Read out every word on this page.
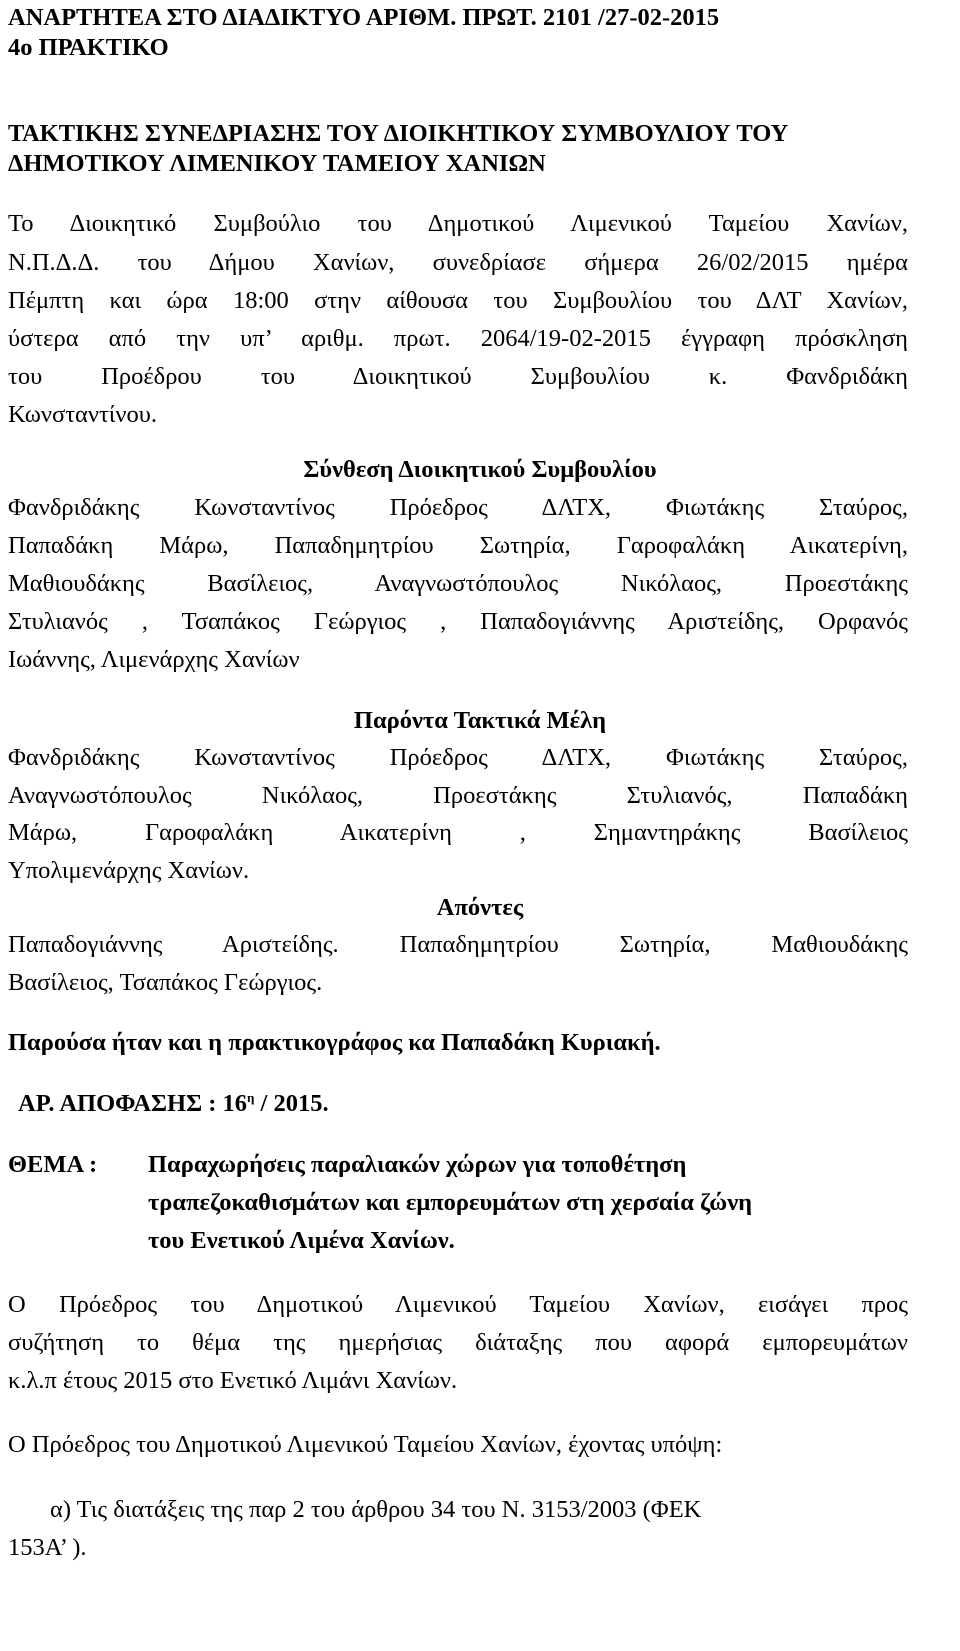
ΑΝΑΡΤΗΤΕΑ ΣΤΟ ΔΙΑΔΙΚΤΥΟ ΑΡΙΘΜ. ΠΡΩΤ. 2101 /27-02-2015
4ο ΠΡΑΚΤΙΚΟ
ΤΑΚΤΙΚΗΣ ΣΥΝΕΔΡΙΑΣΗΣ ΤΟΥ ΔΙΟΙΚΗΤΙΚΟΥ ΣΥΜΒΟΥΛΙΟΥ ΤΟΥ
ΔΗΜΟΤΙΚΟΥ ΛΙΜΕΝΙΚΟΥ ΤΑΜΕΙΟΥ ΧΑΝΙΩΝ
Το Διοικητικό Συμβούλιο του Δημοτικού Λιμενικού Ταμείου Χανίων,
Ν.Π.Δ.Δ. του Δήμου Χανίων, συνεδρίασε σήμερα 26/02/2015 ημέρα
Πέμπτη και ώρα 18:00 στην αίθουσα του Συμβουλίου του ΔΛΤ Χανίων,
ύστερα από την υπ’ αριθμ. πρωτ. 2064/19-02-2015 έγγραφη πρόσκληση
του Προέδρου του Διοικητικού Συμβουλίου κ. Φανδριδάκη
Κωνσταντίνου.
Σύνθεση Διοικητικού Συμβουλίου
Φανδριδάκης Κωνσταντίνος Πρόεδρος ΔΛΤΧ, Φιωτάκης Σταύρος,
Παπαδάκη Μάρω, Παπαδημητρίου Σωτηρία, Γαροφαλάκη Αικατερίνη,
Μαθιουδάκης Βασίλειος, Αναγνωστόπουλος Νικόλαος, Προεστάκης
Στυλιανός , Τσαπάκος Γεώργιος , Παπαδογιάννης Αριστείδης, Ορφανός
Ιωάννης, Λιμενάρχης Χανίων
Παρόντα Τακτικά Μέλη
Φανδριδάκης Κωνσταντίνος Πρόεδρος ΔΛΤΧ, Φιωτάκης Σταύρος,
Αναγνωστόπουλος Νικόλαος, Προεστάκης Στυλιανός, Παπαδάκη
Μάρω, Γαροφαλάκη Αικατερίνη , Σημαντηράκης Βασίλειος
Υπολιμενάρχης Χανίων.
Απόντες
Παπαδογιάννης Αριστείδης. Παπαδημητρίου Σωτηρία, Μαθιουδάκης
Βασίλειος, Τσαπάκος Γεώργιος.
Παρούσα ήταν και η πρακτικογράφος κα Παπαδάκη Κυριακή.
ΑΡ. ΑΠΟΦΑΣΗΣ : $16^\eta / 2015$.
ΘΕΜΑ : Παραχωρήσεις παραλιακών χώρων για τοποθέτηση
τραπεζοκαθισμάτων και εμπορευμάτων στη χερσαία ζώνη
του Ενετικού Λιμένα Χανίων.
Ο Πρόεδρος του Δημοτικού Λιμενικού Ταμείου Χανίων, εισάγει προς
συζήτηση το θέμα της ημερήσιας διάταξης που αφορά εμπορευμάτων
κ.λ.π έτους 2015 στο Ενετικό Λιμάνι Χανίων.
Ο Πρόεδρος του Δημοτικού Λιμενικού Ταμείου Χανίων, έχοντας υπόψη:
α) Τις διατάξεις της παρ 2 του άρθρου 34 του Ν. 3153/2003 (ΦΕΚ
153Α’ ).
